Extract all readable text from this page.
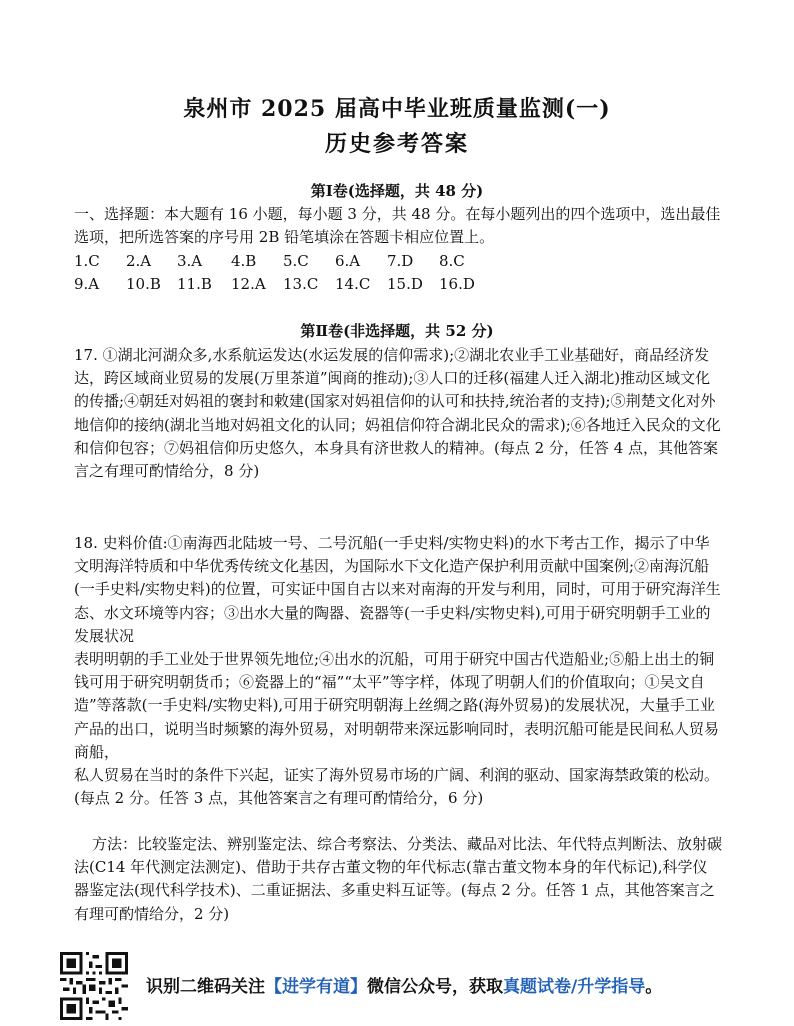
泉州市 2025 届高中毕业班质量监测(一)
历史参考答案
第Ⅰ卷(选择题，共 48 分)

一、选择题：本大题有 16 小题，每小题 3 分，共 48 分。在每小题列出的四个选项中，选出最佳选项，把所选答案的序号用 2B 铅笔填涂在答题卡相应位置上。

1.C 2.A 3.A 4.B 5.C 6.A 7.D 8.C
9.A 10.B 11.B 12.A 13.C 14.C 15.D 16.D
第Ⅱ卷(非选择题，共 52 分)

17. ①湖北河湖众多,水系航运发达(水运发展的信仰需求);②湖北农业手工业基础好，商品经济发达，跨区域商业贸易的发展(万里茶道”闽商的推动);③人口的迁移(福建人迁入湖北)推动区域文化的传播;④朝廷对妈祖的褒封和敕建(国家对妈祖信仰的认可和扶持,统治者的支持);⑤荆楚文化对外地信仰的接纳(湖北当地对妈祖文化的认同；妈祖信仰符合湖北民众的需求);⑥各地迁入民众的文化和信仰包容；⑦妈祖信仰历史悠久，本身具有济世救人的精神。(每点 2 分，任答 4 点，其他答案言之有理可酌情给分，8 分)

18. 史料价值:①南海西北陆坡一号、二号沉船(一手史料/实物史料)的水下考古工作，揭示了中华文明海洋特质和中华优秀传统文化基因，为国际水下文化造产保护利用贡献中国案例;②南海沉船(一手史料/实物史料)的位置，可实证中国自古以来对南海的开发与利用，同时，可用于研究海洋生态、水文环境等内容；③出水大量的陶器、瓷器等(一手史料/实物史料),可用于研究明朝手工业的发展状况
表明明朝的手工业处于世界领先地位;④出水的沉船，可用于研究中国古代造船业;⑤船上出土的铜钱可用于研究明朝货币；⑥瓷器上的“福”“太平”等字样，体现了明朝人们的价值取向；①吴文自造”等落款(一手史料/实物史料),可用于研究明朝海上丝绸之路(海外贸易)的发展状况，大量手工业产品的出口，说明当时频繁的海外贸易，对明朝带来深远影响同时，表明沉船可能是民间私人贸易商船，
私人贸易在当时的条件下兴起，证实了海外贸易市场的广阔、利润的驱动、国家海禁政策的松动。(每点 2 分。任答 3 点，其他答案言之有理可酌情给分，6 分)

方法：比较鉴定法、辨别鉴定法、综合考察法、分类法、藏品对比法、年代特点判断法、放射碳法(C14 年代测定法测定)、借助于共存古董文物的年代标志(靠古董文物本身的年代标记),科学仪器鉴定法(现代科学技术)、二重证据法、多重史料互证等。(每点 2 分。任答 1 点，其他答案言之有理可酌情给分，2 分)

识别二维码关注【进学有道】微信公众号，获取真题试卷/升学指导。
